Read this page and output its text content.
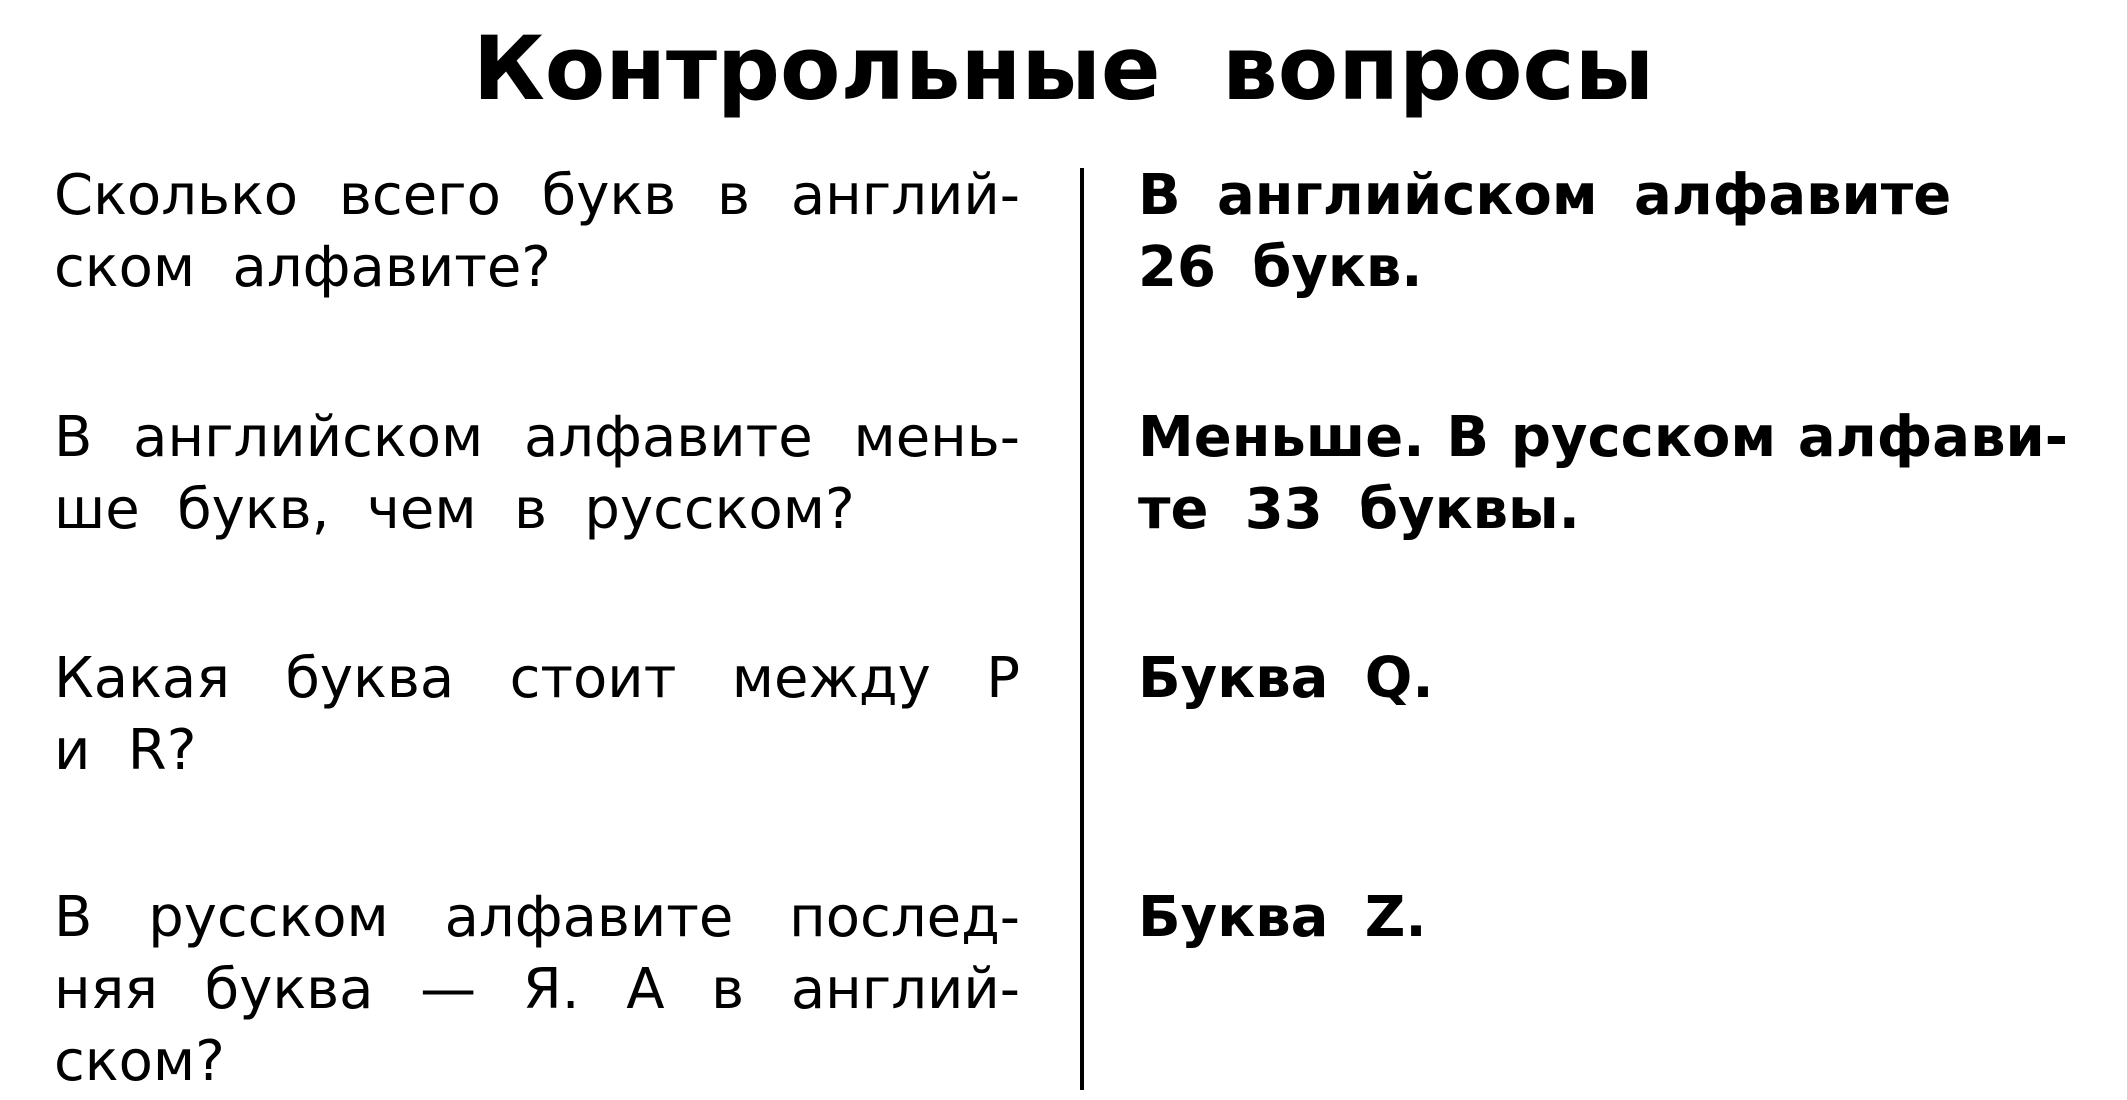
Контрольные вопросы
Сколько всего букв в англий-
ском алфавите?
В английском алфавите
26 букв.
В английском алфавите мень-
ше букв, чем в русском?
Меньше. В русском алфави-
те 33 буквы.
Какая буква стоит между P
и R?
Буква Q.
В русском алфавите послед-
няя буква — Я. А в англий-
ском?
Буква Z.
